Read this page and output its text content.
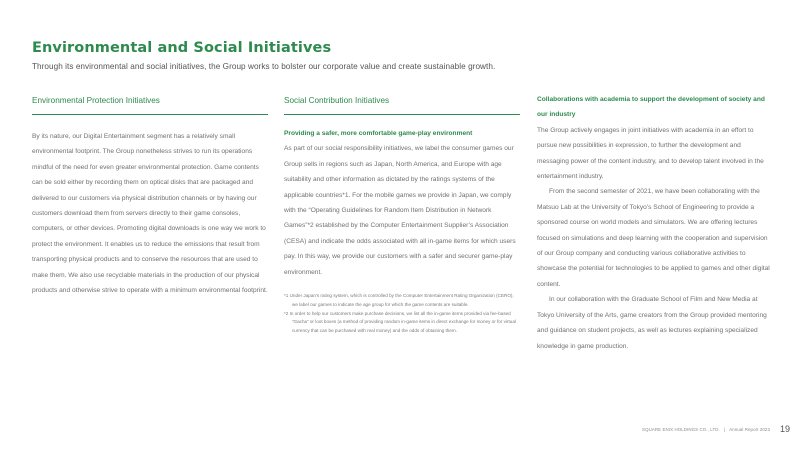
Environmental and Social Initiatives
Through its environmental and social initiatives, the Group works to bolster our corporate value and create sustainable growth.
Environmental Protection Initiatives

By its nature, our Digital Entertainment segment has a relatively small environmental footprint. The Group nonetheless strives to run its operations mindful of the need for even greater environmental protection. Game contents can be sold either by recording them on optical disks that are packaged and delivered to our customers via physical distribution channels or by having our customers download them from servers directly to their game consoles, computers, or other devices. Promoting digital downloads is one way we work to protect the environment. It enables us to reduce the emissions that result from transporting physical products and to conserve the resources that are used to make them. We also use recyclable materials in the production of our physical products and otherwise strive to operate with a minimum environmental footprint.

Social Contribution Initiatives
Providing a safer, more comfortable game-play environment

As part of our social responsibility initiatives, we label the consumer games our Group sells in regions such as Japan, North America, and Europe with age suitability and other information as dictated by the ratings systems of the applicable countries*1. For the mobile games we provide in Japan, we comply with the “Operating Guidelines for Random Item Distribution in Network Games”*2 established by the Computer Entertainment Supplier’s Association (CESA) and indicate the odds associated with all in-game items for which users pay. In this way, we provide our customers with a safer and securer game-play environment.

*1 Under Japan’s rating system, which is controlled by the Computer Entertainment Rating Organization (CERO), we label our games to indicate the age group for which the game contents are suitable.
*2 In order to help our customers make purchase decisions, we list all the in-game items provided via fee-based “Gacha” or loot boxes (a method of providing random in-game items in direct exchange for money or for virtual currency that can be purchased with real money) and the odds of obtaining them.
Collaborations with academia to support the development of society and our industry

The Group actively engages in joint initiatives with academia in an effort to pursue new possibilities in expression, to further the development and messaging power of the content industry, and to develop talent involved in the entertainment industry.

From the second semester of 2021, we have been collaborating with the Matsuo Lab at the University of Tokyo’s School of Engineering to provide a sponsored course on world models and simulators. We are offering lectures focused on simulations and deep learning with the cooperation and supervision of our Group company and conducting various collaborative activities to showcase the potential for technologies to be applied to games and other digital content.

In our collaboration with the Graduate School of Film and New Media at Tokyo University of the Arts, game creators from the Group provided mentoring and guidance on student projects, as well as lectures explaining specialized knowledge in game production.

SQUARE ENIX HOLDINGS CO., LTD. | Annual Report 2023 19
